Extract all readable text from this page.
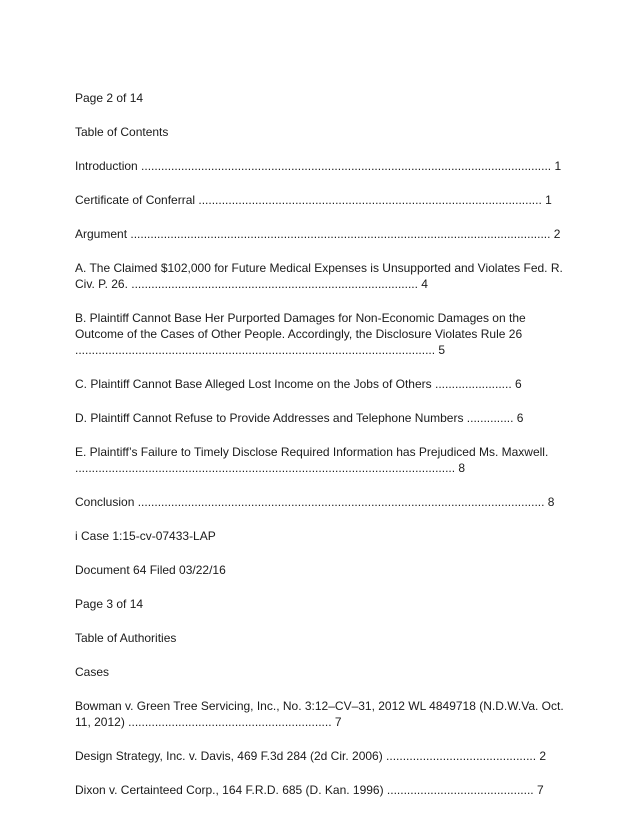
Page 2 of 14

Table of Contents

Introduction ........................................................................................................................... 1

Certificate of Conferral ....................................................................................................... 1

Argument .............................................................................................................................. 2

A. The Claimed $102,000 for Future Medical Expenses is Unsupported and Violates Fed. R. Civ. P. 26. ...................................................................................... 4

B. Plaintiff Cannot Base Her Purported Damages for Non-Economic Damages on the Outcome of the Cases of Other People. Accordingly, the Disclosure Violates Rule 26 ............................................................................................................ 5

C. Plaintiff Cannot Base Alleged Lost Income on the Jobs of Others ....................... 6

D. Plaintiff Cannot Refuse to Provide Addresses and Telephone Numbers .............. 6

E. Plaintiff’s Failure to Timely Disclose Required Information has Prejudiced Ms. Maxwell. .................................................................................................................. 8

Conclusion .......................................................................................................................... 8

i Case 1:15-cv-07433-LAP

Document 64 Filed 03/22/16

Page 3 of 14

Table of Authorities

Cases

Bowman v. Green Tree Servicing, Inc., No. 3:12–CV–31, 2012 WL 4849718 (N.D.W.Va. Oct. 11, 2012) ............................................................. 7

Design Strategy, Inc. v. Davis, 469 F.3d 284 (2d Cir. 2006) ............................................. 2

Dixon v. Certainteed Corp., 164 F.R.D. 685 (D. Kan. 1996) ............................................ 7
